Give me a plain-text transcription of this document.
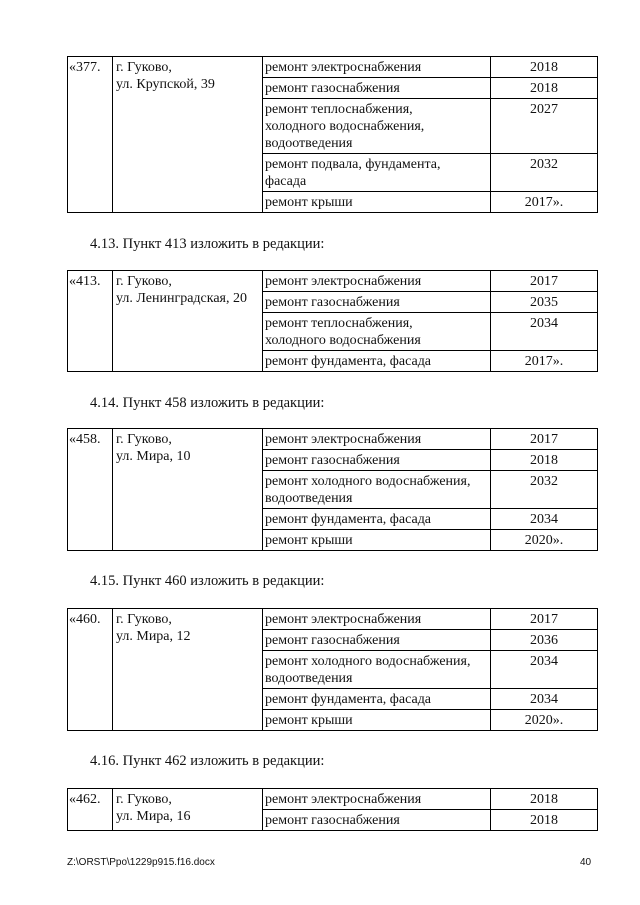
«377.	г. Гуково,
ул. Крупской, 39	ремонт электроснабжения	2018

		ремонт газоснабжения	2018

		ремонт теплоснабжения,
холодного водоснабжения,
водоотведения	2027

		ремонт подвала, фундамента,
фасада	2032

		ремонт крыши	2017».
4.13. Пункт 413 изложить в редакции:
«413.	г. Гуково,
ул. Ленинградская, 20	ремонт электроснабжения	2017

		ремонт газоснабжения	2035

		ремонт теплоснабжения,
холодного водоснабжения	2034

		ремонт фундамента, фасада	2017».
4.14. Пункт 458 изложить в редакции:
«458.	г. Гуково,
ул. Мира, 10	ремонт электроснабжения	2017

		ремонт газоснабжения	2018

		ремонт холодного водоснабжения,
водоотведения	2032

		ремонт фундамента, фасада	2034

		ремонт крыши	2020».
4.15. Пункт 460 изложить в редакции:
«460.	г. Гуково,
ул. Мира, 12	ремонт электроснабжения	2017

		ремонт газоснабжения	2036

		ремонт холодного водоснабжения,
водоотведения	2034

		ремонт фундамента, фасада	2034

		ремонт крыши	2020».
4.16. Пункт 462 изложить в редакции:
«462.	г. Гуково,
ул. Мира, 16	ремонт электроснабжения	2018

		ремонт газоснабжения	2018
Z:\ORST\Ppo\1229p915.f16.docx	40
